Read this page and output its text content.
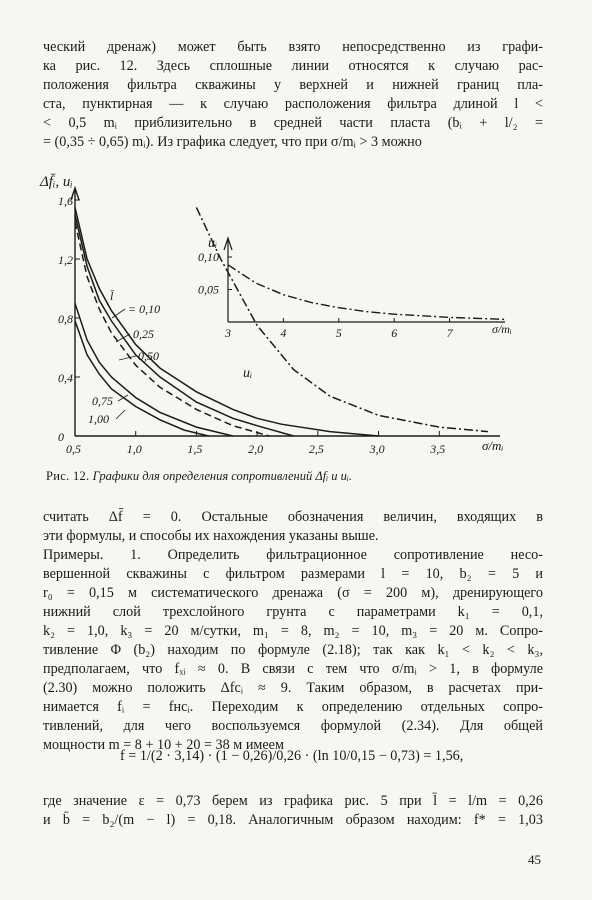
ческий дренаж) может быть взято непосредственно из графи-
ка рис. 12. Здесь сплошные линии относятся к случаю рас-
положения фильтра скважины у верхней и нижней границ пла-
ста, пунктирная — к случаю расположения фильтра длиной l <
< 0,5 mᵢ приблизительно в средней части пласта (bᵢ + l/₂ =
= (0,35 ÷ 0,65) mᵢ). Из графика следует, что при σ/mᵢ > 3 можно
1,6
1,2
0,8
0,4
0
0,5	1,0	1,5	2,0	2,5	3,0	3,5
Δf̄ᵢ, uᵢ
σ/mᵢ
= 0,10
l̄
0,25
0,50
0,75
1,00
uᵢ
uᵢ
σ/mᵢ
0,10
0,05
3	4	5	6	7
Рис. 12. Графики для определения сопротивлений Δfᵢ и uᵢ.
считать Δf̄ = 0. Остальные обозначения величин, входящих в
эти формулы, и способы их нахождения указаны выше.
Примеры. 1. Определить фильтрационное сопротивление несо-
вершенной скважины с фильтром размерами l = 10, b₂ = 5 и
r₀ = 0,15 м систематического дренажа (σ = 200 м), дренирующего
нижний слой трехслойного грунта с параметрами k₁ = 0,1,
k₂ = 1,0, k₃ = 20 м/сутки, m₁ = 8, m₂ = 10, m₃ = 20 м. Сопро-
тивление Φ (b₂) находим по формуле (2.18); так как k₁ < k₂ < k₃,
предполагаем, что fₓᵢ ≈ 0. В связи с тем что σ/mᵢ > 1, в формуле
(2.30) можно положить Δfcᵢ ≈ 9. Таким образом, в расчетах при-
нимается fᵢ = fнcᵢ. Переходим к определению отдельных сопро-
тивлений, для чего воспользуемся формулой (2.34). Для общей
мощности m = 8 + 10 + 20 = 38 м имеем
f = 1/(2 · 3,14) · (1 − 0,26)/0,26 · (ln 10/0,15 − 0,73) = 1,56,
где значение ε = 0,73 берем из графика рис. 5 при l̄ = l/m = 0,26
и b̄ = b₂/(m − l) = 0,18. Аналогичным образом находим: f* = 1,03
45
